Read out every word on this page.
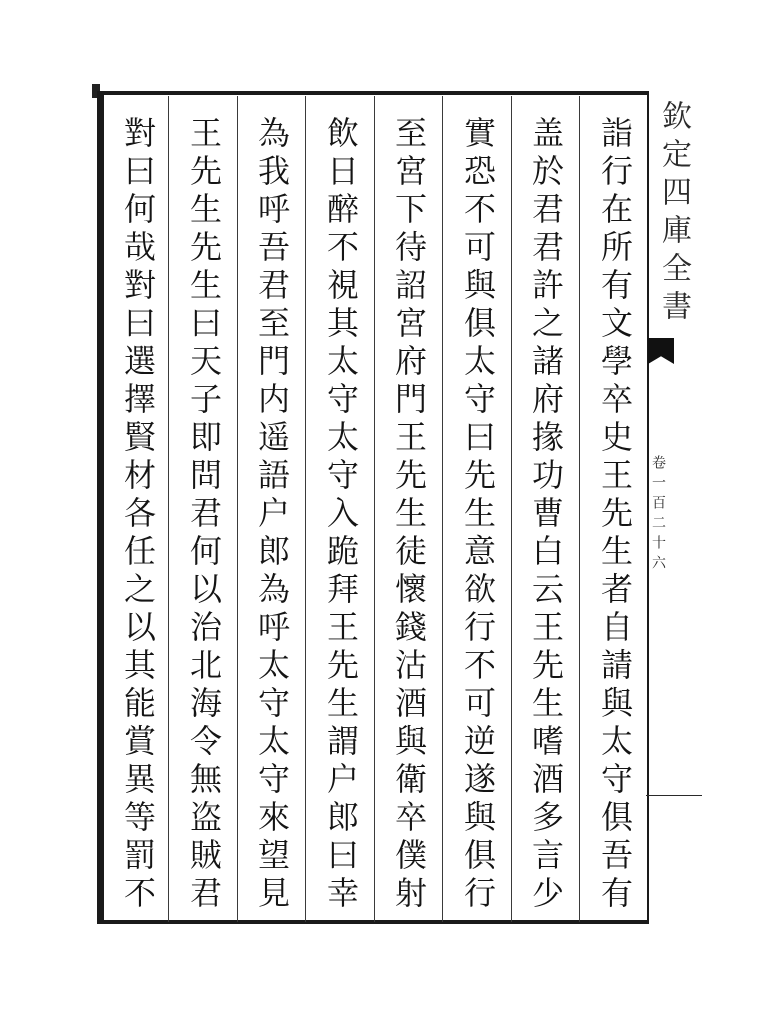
詣行在所有文學卒史王先生者自請與太守俱吾有
盖於君君許之諸府掾功曹白云王先生嗜酒多言少
實恐不可與俱太守曰先生意欲行不可逆遂與俱行
至宮下待詔宮府門王先生徒懷錢沽酒與衛卒僕射
飲日醉不視其太守太守入跪拜王先生謂户郎曰幸
為我呼吾君至門内遥語户郎為呼太守太守來望見
王先生先生曰天子即問君何以治北海令無盗賊君
對曰何哉對曰選擇賢材各任之以其能賞異等罰不	欽定四庫全書
卷一百二十六
